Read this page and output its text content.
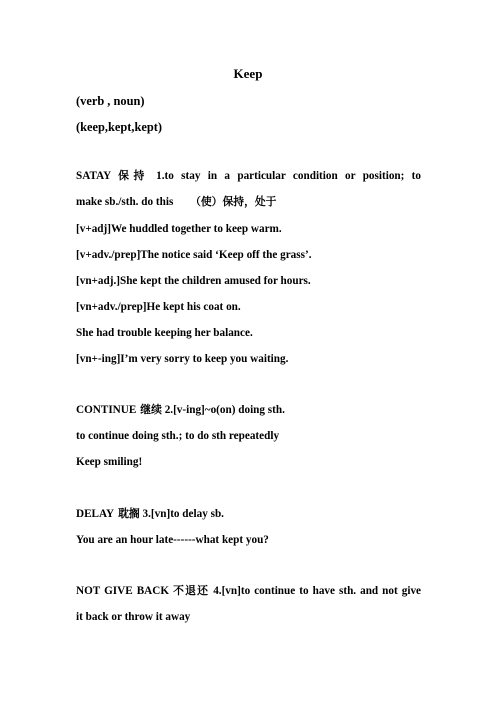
Keep
(verb , noun)
(keep,kept,kept)
SATAY 保持 1.to stay in a particular condition or position; to
make sb./sth. do this （使）保持，处于
[v+adj]We huddled together to keep warm.
[v+adv./prep]The notice said ‘Keep off the grass’.
[vn+adj.]She kept the children amused for hours.
[vn+adv./prep]He kept his coat on.
She had trouble keeping her balance.
[vn+-ing]I’m very sorry to keep you waiting.
CONTINUE 继续 2.[v-ing]~o(on) doing sth.
to continue doing sth.; to do sth repeatedly
Keep smiling!
DELAY 耽搁 3.[vn]to delay sb.
You are an hour late------what kept you?
NOT GIVE BACK 不退还 4.[vn]to continue to have sth. and not give
it back or throw it away
